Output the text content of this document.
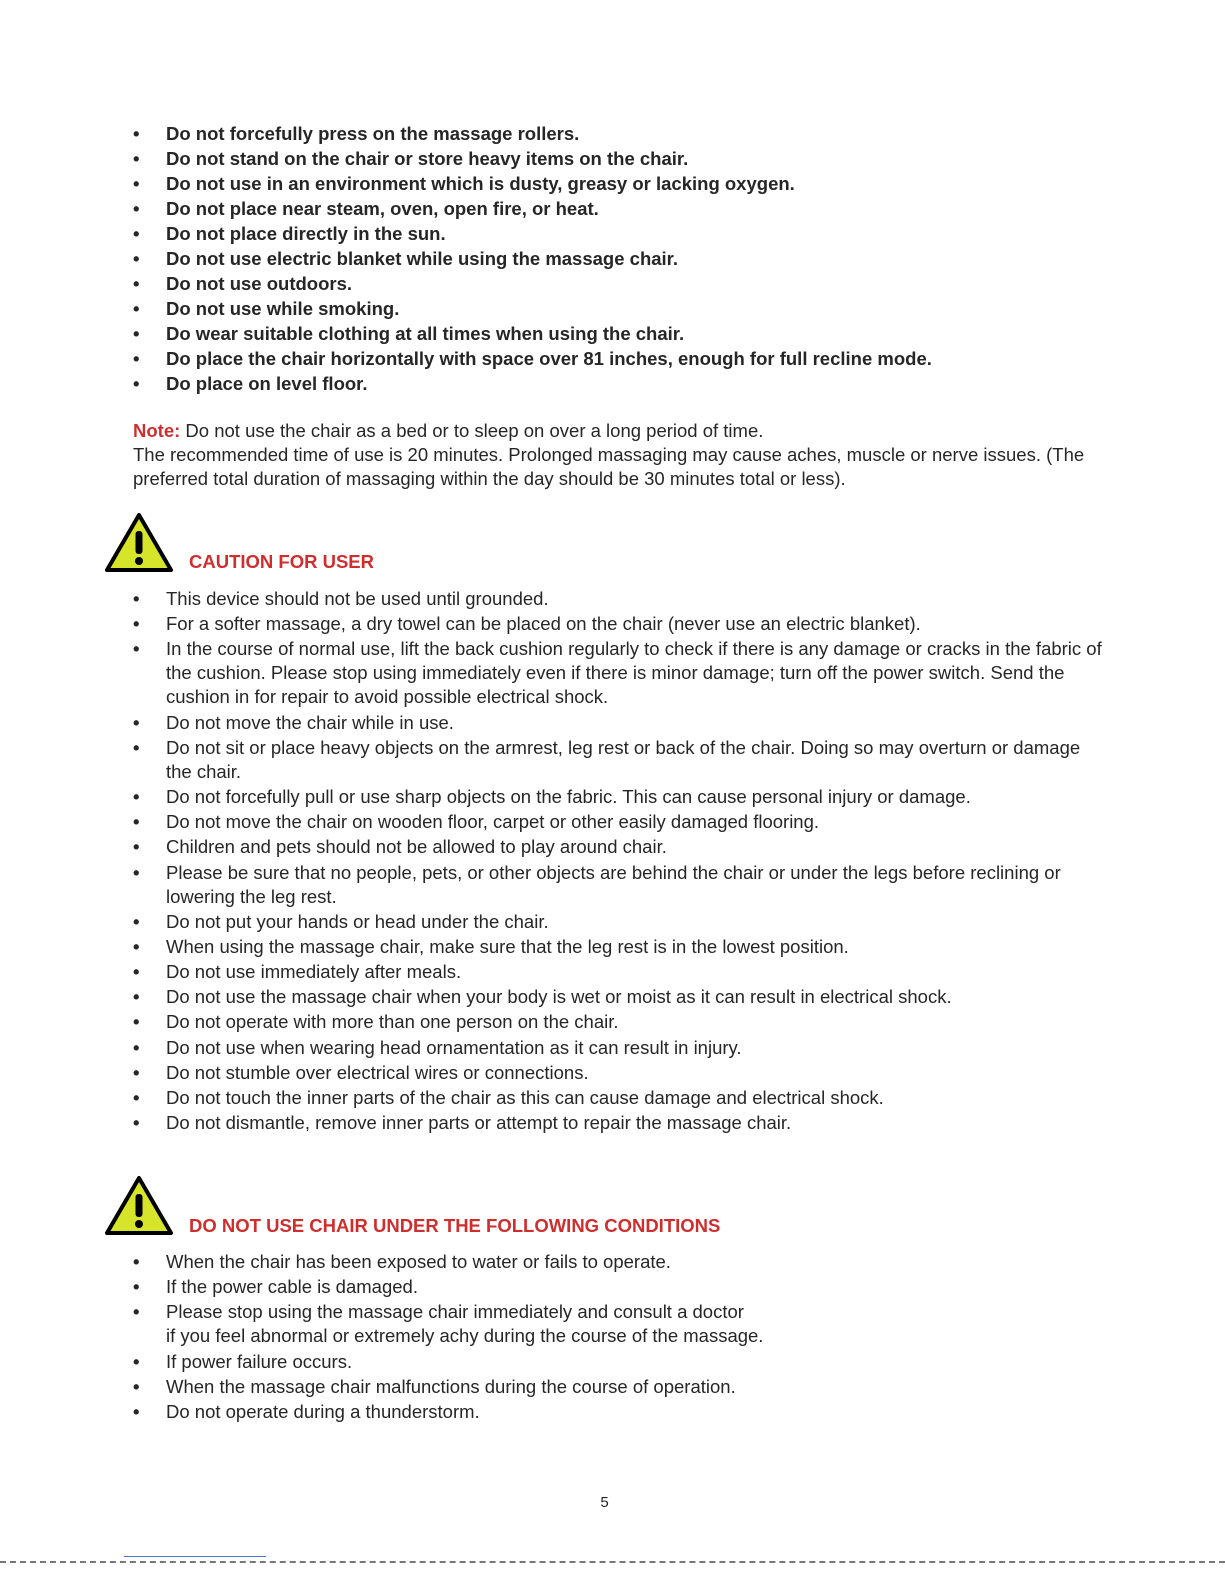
• Do not forcefully press on the massage rollers.
• Do not stand on the chair or store heavy items on the chair.
• Do not use in an environment which is dusty, greasy or lacking oxygen.
• Do not place near steam, oven, open fire, or heat.
• Do not place directly in the sun.
• Do not use electric blanket while using the massage chair.
• Do not use outdoors.
• Do not use while smoking.
• Do wear suitable clothing at all times when using the chair.
• Do place the chair horizontally with space over 81 inches, enough for full recline mode.
• Do place on level floor.

Note: Do not use the chair as a bed or to sleep on over a long period of time.
The recommended time of use is 20 minutes. Prolonged massaging may cause aches, muscle or nerve issues. (The preferred total duration of massaging within the day should be 30 minutes total or less).

CAUTION FOR USER
• This device should not be used until grounded.
• For a softer massage, a dry towel can be placed on the chair (never use an electric blanket).
• In the course of normal use, lift the back cushion regularly to check if there is any damage or cracks in the fabric of the cushion. Please stop using immediately even if there is minor damage; turn off the power switch. Send the cushion in for repair to avoid possible electrical shock.
• Do not move the chair while in use.
• Do not sit or place heavy objects on the armrest, leg rest or back of the chair. Doing so may overturn or damage the chair.
• Do not forcefully pull or use sharp objects on the fabric. This can cause personal injury or damage.
• Do not move the chair on wooden floor, carpet or other easily damaged flooring.
• Children and pets should not be allowed to play around chair.
• Please be sure that no people, pets, or other objects are behind the chair or under the legs before reclining or lowering the leg rest.
• Do not put your hands or head under the chair.
• When using the massage chair, make sure that the leg rest is in the lowest position.
• Do not use immediately after meals.
• Do not use the massage chair when your body is wet or moist as it can result in electrical shock.
• Do not operate with more than one person on the chair.
• Do not use when wearing head ornamentation as it can result in injury.
• Do not stumble over electrical wires or connections.
• Do not touch the inner parts of the chair as this can cause damage and electrical shock.
• Do not dismantle, remove inner parts or attempt to repair the massage chair.
DO NOT USE CHAIR UNDER THE FOLLOWING CONDITIONS
• When the chair has been exposed to water or fails to operate.
• If the power cable is damaged.
• Please stop using the massage chair immediately and consult a doctor
if you feel abnormal or extremely achy during the course of the massage.
• If power failure occurs.
• When the massage chair malfunctions during the course of operation.
• Do not operate during a thunderstorm.
5
